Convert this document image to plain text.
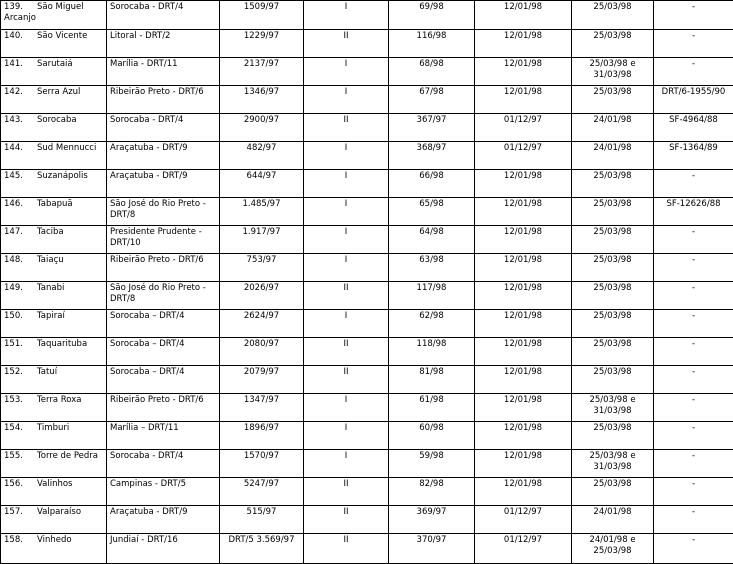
139. São Miguel Arcanjo	Sorocaba - DRT/4	1509/97	I	69/98	12/01/98	25/03/98	-
140. São Vicente	Litoral - DRT/2	1229/97	II	116/98	12/01/98	25/03/98	-
141. Sarutaiá	Marília - DRT/11	2137/97	I	68/98	12/01/98	25/03/98 e 31/03/98	-
142. Serra Azul	Ribeirão Preto - DRT/6	1346/97	I	67/98	12/01/98	25/03/98	DRT/6-1955/90
143. Sorocaba	Sorocaba - DRT/4	2900/97	II	367/97	01/12/97	24/01/98	SF-4964/88
144. Sud Mennucci	Araçatuba - DRT/9	482/97	I	368/97	01/12/97	24/01/98	SF-1364/89
145. Suzanápolis	Araçatuba - DRT/9	644/97	I	66/98	12/01/98	25/03/98	-
146. Tabapuã	São José do Rio Preto - DRT/8	1.485/97	I	65/98	12/01/98	25/03/98	SF-12626/88
147. Taciba	Presidente Prudente - DRT/10	1.917/97	I	64/98	12/01/98	25/03/98	-
148. Taiaçu	Ribeirão Preto - DRT/6	753/97	I	63/98	12/01/98	25/03/98	-
149. Tanabi	São José do Rio Preto - DRT/8	2026/97	II	117/98	12/01/98	25/03/98	-
150. Tapiraí	Sorocaba – DRT/4	2624/97	I	62/98	12/01/98	25/03/98	-
151. Taquarituba	Sorocaba – DRT/4	2080/97	II	118/98	12/01/98	25/03/98	-
152. Tatuí	Sorocaba – DRT/4	2079/97	II	81/98	12/01/98	25/03/98	-
153. Terra Roxa	Ribeirão Preto - DRT/6	1347/97	I	61/98	12/01/98	25/03/98 e 31/03/98	-
154. Timburi	Marília – DRT/11	1896/97	I	60/98	12/01/98	25/03/98	-
155. Torre de Pedra	Sorocaba - DRT/4	1570/97	I	59/98	12/01/98	25/03/98 e 31/03/98	-
156. Valinhos	Campinas - DRT/5	5247/97	II	82/98	12/01/98	25/03/98	-
157. Valparaíso	Araçatuba - DRT/9	515/97	II	369/97	01/12/97	24/01/98	-
158. Vinhedo	Jundiaí - DRT/16	DRT/5 3.569/97	II	370/97	01/12/97	24/01/98 e 25/03/98	-
